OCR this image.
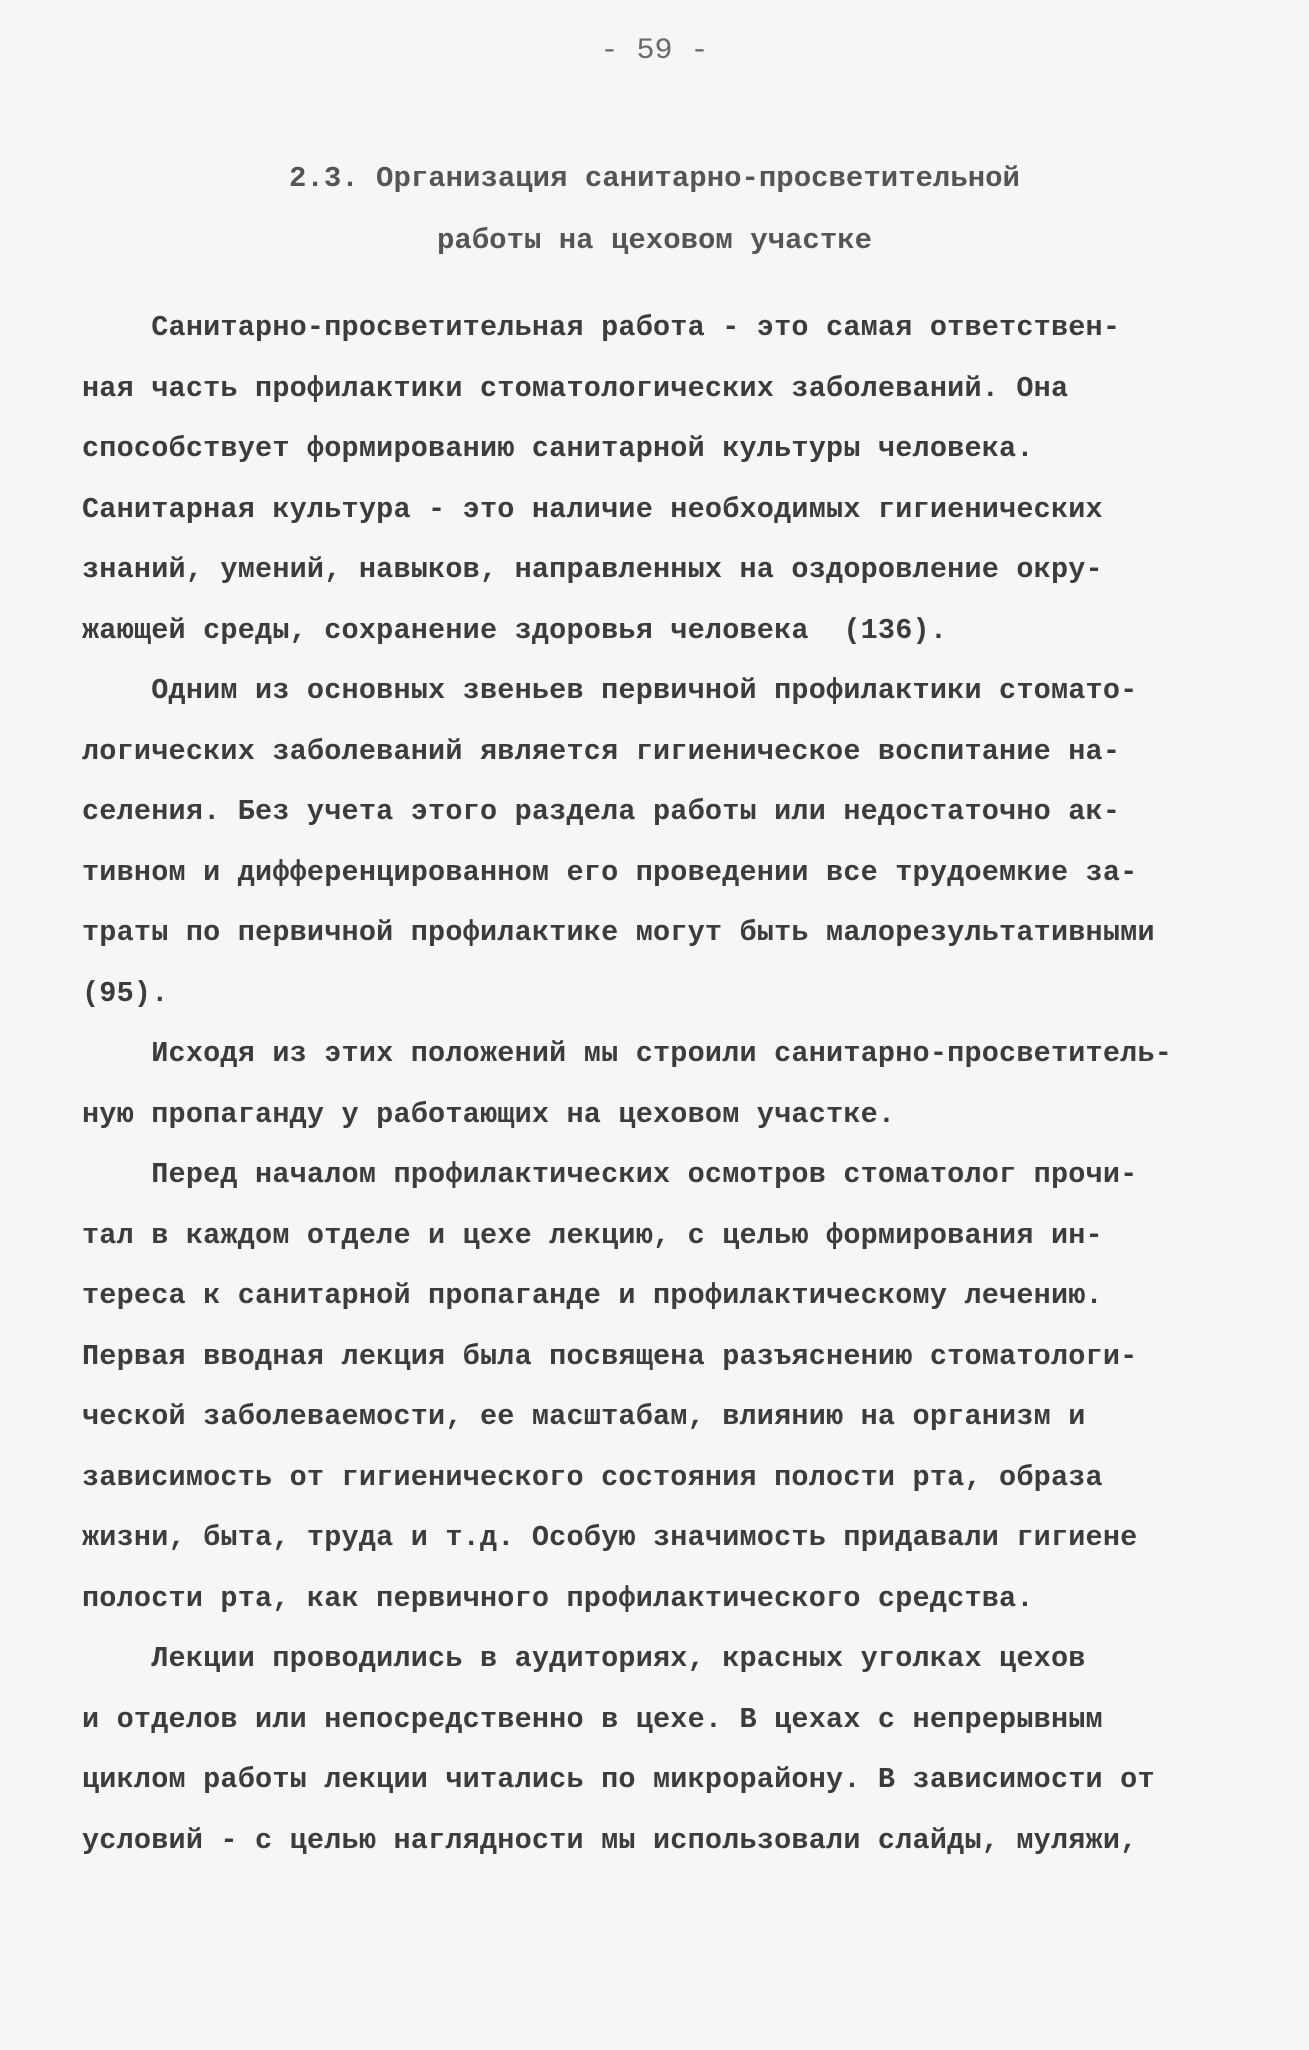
- 59 -
2.3. Организация санитарно-просветительной
работы на цеховом участке
Санитарно-просветительная работа - это самая ответствен-
ная часть профилактики стоматологических заболеваний. Она
способствует формированию санитарной культуры человека.
Санитарная культура - это наличие необходимых гигиенических
знаний, умений, навыков, направленных на оздоровление окру-
жающей среды, сохранение здоровья человека  (136).
Одним из основных звеньев первичной профилактики стомато-
логических заболеваний является гигиеническое воспитание на-
селения. Без учета этого раздела работы или недостаточно ак-
тивном и дифференцированном его проведении все трудоемкие за-
траты по первичной профилактике могут быть малорезультативными
(95).
Исходя из этих положений мы строили санитарно-просветитель-
ную пропаганду у работающих на цеховом участке.
Перед началом профилактических осмотров стоматолог прочи-
тал в каждом отделе и цехе лекцию, с целью формирования ин-
тереса к санитарной пропаганде и профилактическому лечению.
Первая вводная лекция была посвящена разъяснению стоматологи-
ческой заболеваемости, ее масштабам, влиянию на организм и
зависимость от гигиенического состояния полости рта, образа
жизни, быта, труда и т.д. Особую значимость придавали гигиене
полости рта, как первичного профилактического средства.
Лекции проводились в аудиториях, красных уголках цехов
и отделов или непосредственно в цехе. В цехах с непрерывным
циклом работы лекции читались по микрорайону. В зависимости от
условий - с целью наглядности мы использовали слайды, муляжи,
